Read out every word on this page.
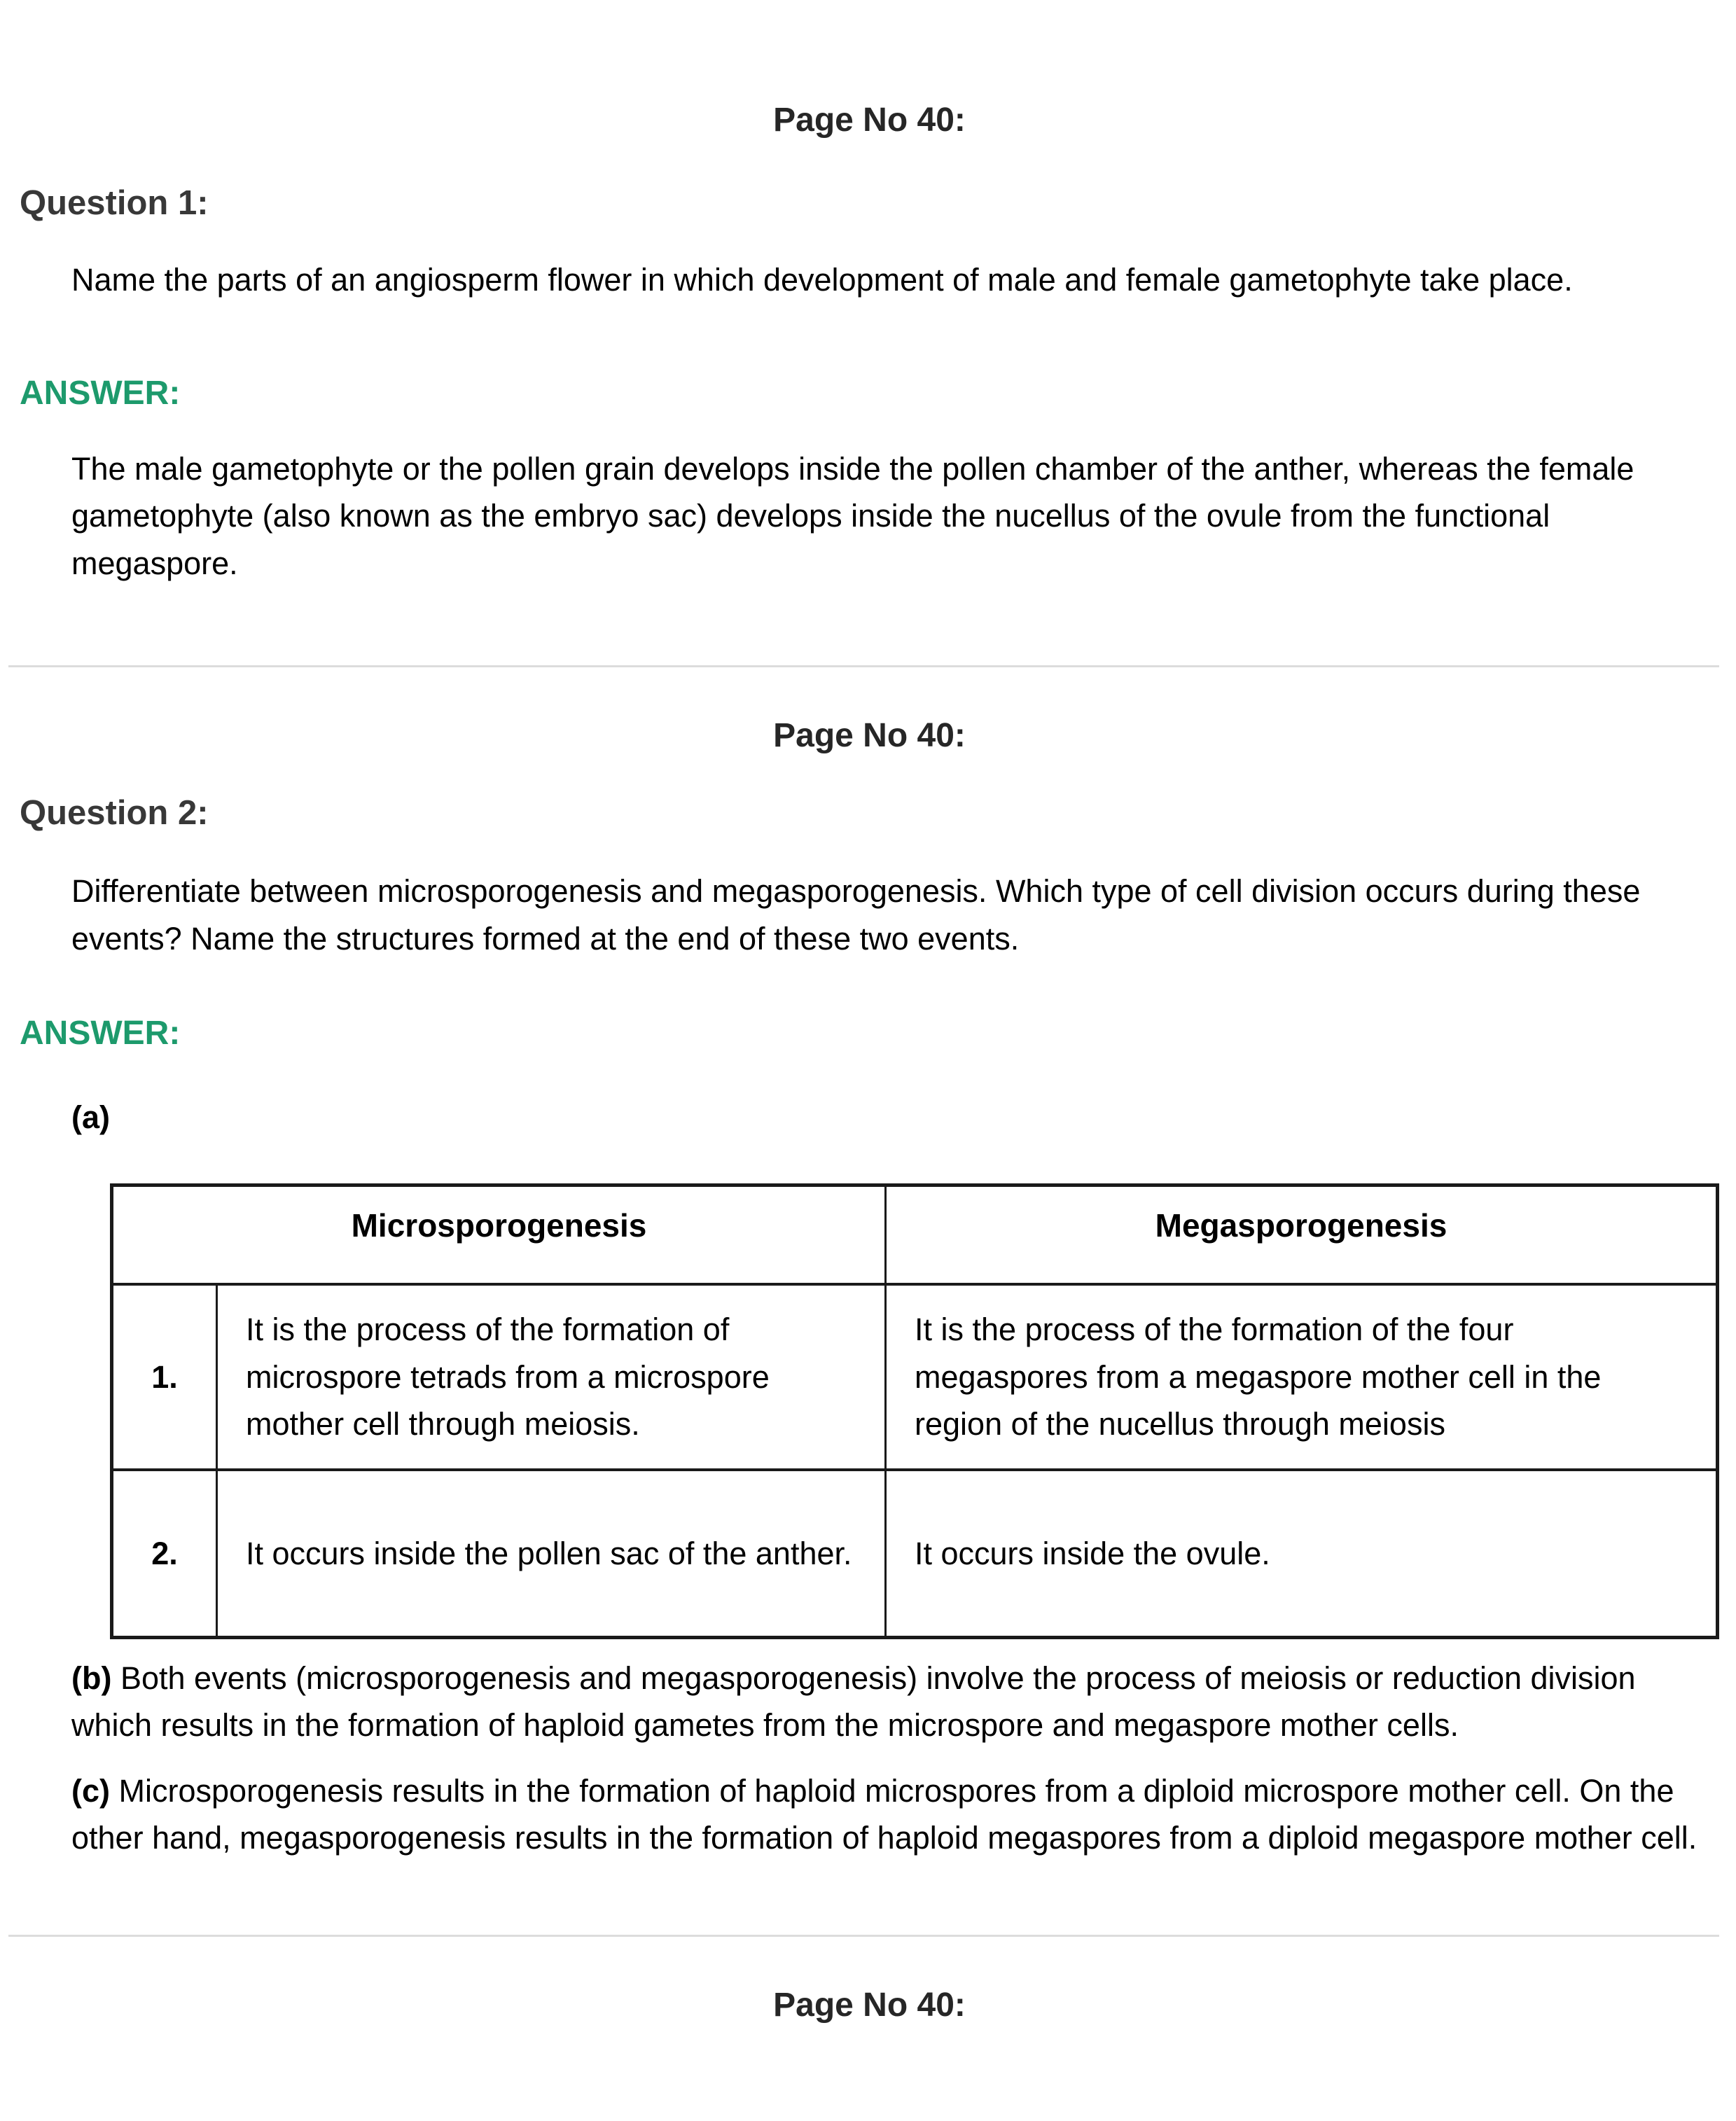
Page No 40:
Question 1:

Name the parts of an angiosperm flower in which development of male and female gametophyte take place.

ANSWER:

The male gametophyte or the pollen grain develops inside the pollen chamber of the anther, whereas the female gametophyte (also known as the embryo sac) develops inside the nucellus of the ovule from the functional megaspore.

Page No 40:
Question 2:

Differentiate between microsporogenesis and megasporogenesis. Which type of cell division occurs during these events? Name the structures formed at the end of these two events.

ANSWER:

(a)

Microsporogenesis		Megasporogenesis
1.	It is the process of the formation of microspore tetrads from a microspore mother cell through meiosis.	It is the process of the formation of the four megaspores from a megaspore mother cell in the region of the nucellus through meiosis
2.	It occurs inside the pollen sac of the anther.	It occurs inside the ovule.

(b) Both events (microsporogenesis and megasporogenesis) involve the process of meiosis or reduction division which results in the formation of haploid gametes from the microspore and megaspore mother cells.

(c) Microsporogenesis results in the formation of haploid microspores from a diploid microspore mother cell. On the other hand, megasporogenesis results in the formation of haploid megaspores from a diploid megaspore mother cell.

Page No 40:
